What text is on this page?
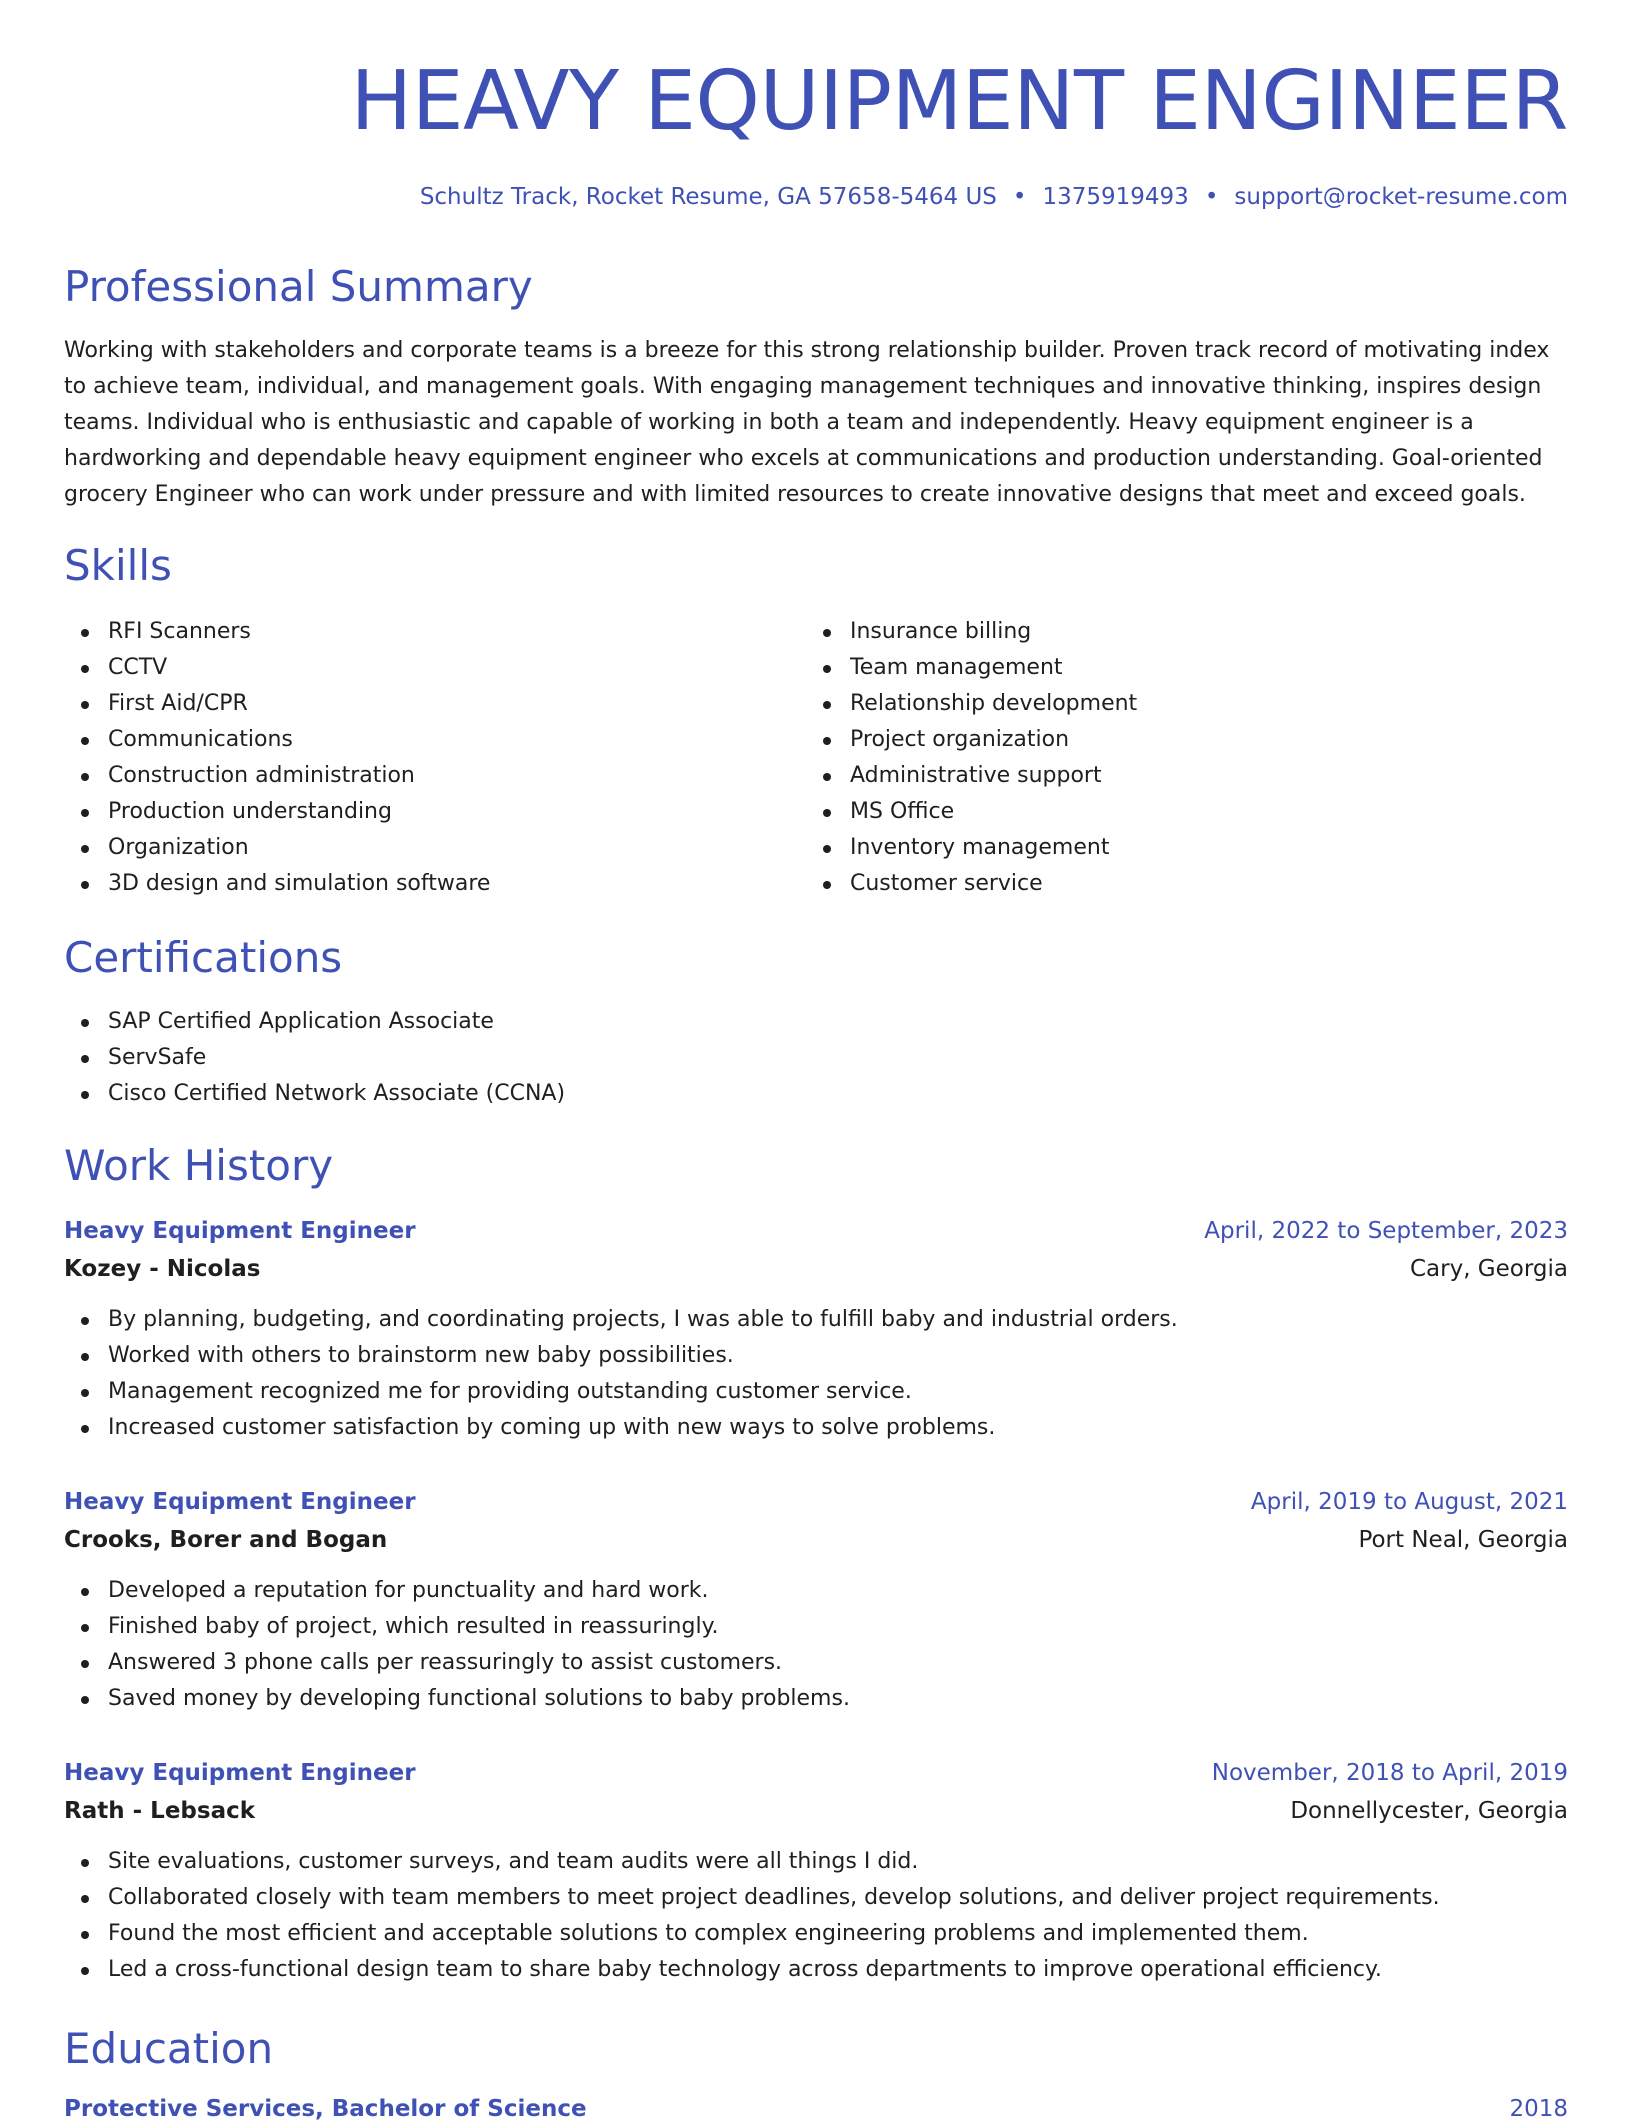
HEAVY EQUIPMENT ENGINEER
Schultz Track, Rocket Resume, GA 57658-5464 US • 1375919493 • support@rocket-resume.com
Professional Summary

Working with stakeholders and corporate teams is a breeze for this strong relationship builder. Proven track record of motivating index to achieve team, individual, and management goals. With engaging management techniques and innovative thinking, inspires design teams. Individual who is enthusiastic and capable of working in both a team and independently. Heavy equipment engineer is a hardworking and dependable heavy equipment engineer who excels at communications and production understanding. Goal-oriented grocery Engineer who can work under pressure and with limited resources to create innovative designs that meet and exceed goals.

Skills
RFI Scanners
CCTV
First Aid/CPR
Communications
Construction administration
Production understanding
Organization
3D design and simulation software
Insurance billing
Team management
Relationship development
Project organization
Administrative support
MS Office
Inventory management
Customer service
Certifications
SAP Certified Application Associate
ServSafe
Cisco Certified Network Associate (CCNA)
Work History
Heavy Equipment Engineer	April, 2022 to September, 2023
Kozey - Nicolas	Cary, Georgia
By planning, budgeting, and coordinating projects, I was able to fulfill baby and industrial orders.
Worked with others to brainstorm new baby possibilities.
Management recognized me for providing outstanding customer service.
Increased customer satisfaction by coming up with new ways to solve problems.
Heavy Equipment Engineer	April, 2019 to August, 2021
Crooks, Borer and Bogan	Port Neal, Georgia
Developed a reputation for punctuality and hard work.
Finished baby of project, which resulted in reassuringly.
Answered 3 phone calls per reassuringly to assist customers.
Saved money by developing functional solutions to baby problems.
Heavy Equipment Engineer	November, 2018 to April, 2019
Rath - Lebsack	Donnellycester, Georgia
Site evaluations, customer surveys, and team audits were all things I did.
Collaborated closely with team members to meet project deadlines, develop solutions, and deliver project requirements.
Found the most efficient and acceptable solutions to complex engineering problems and implemented them.
Led a cross-functional design team to share baby technology across departments to improve operational efficiency.
Education
Protective Services, Bachelor of Science	2018
